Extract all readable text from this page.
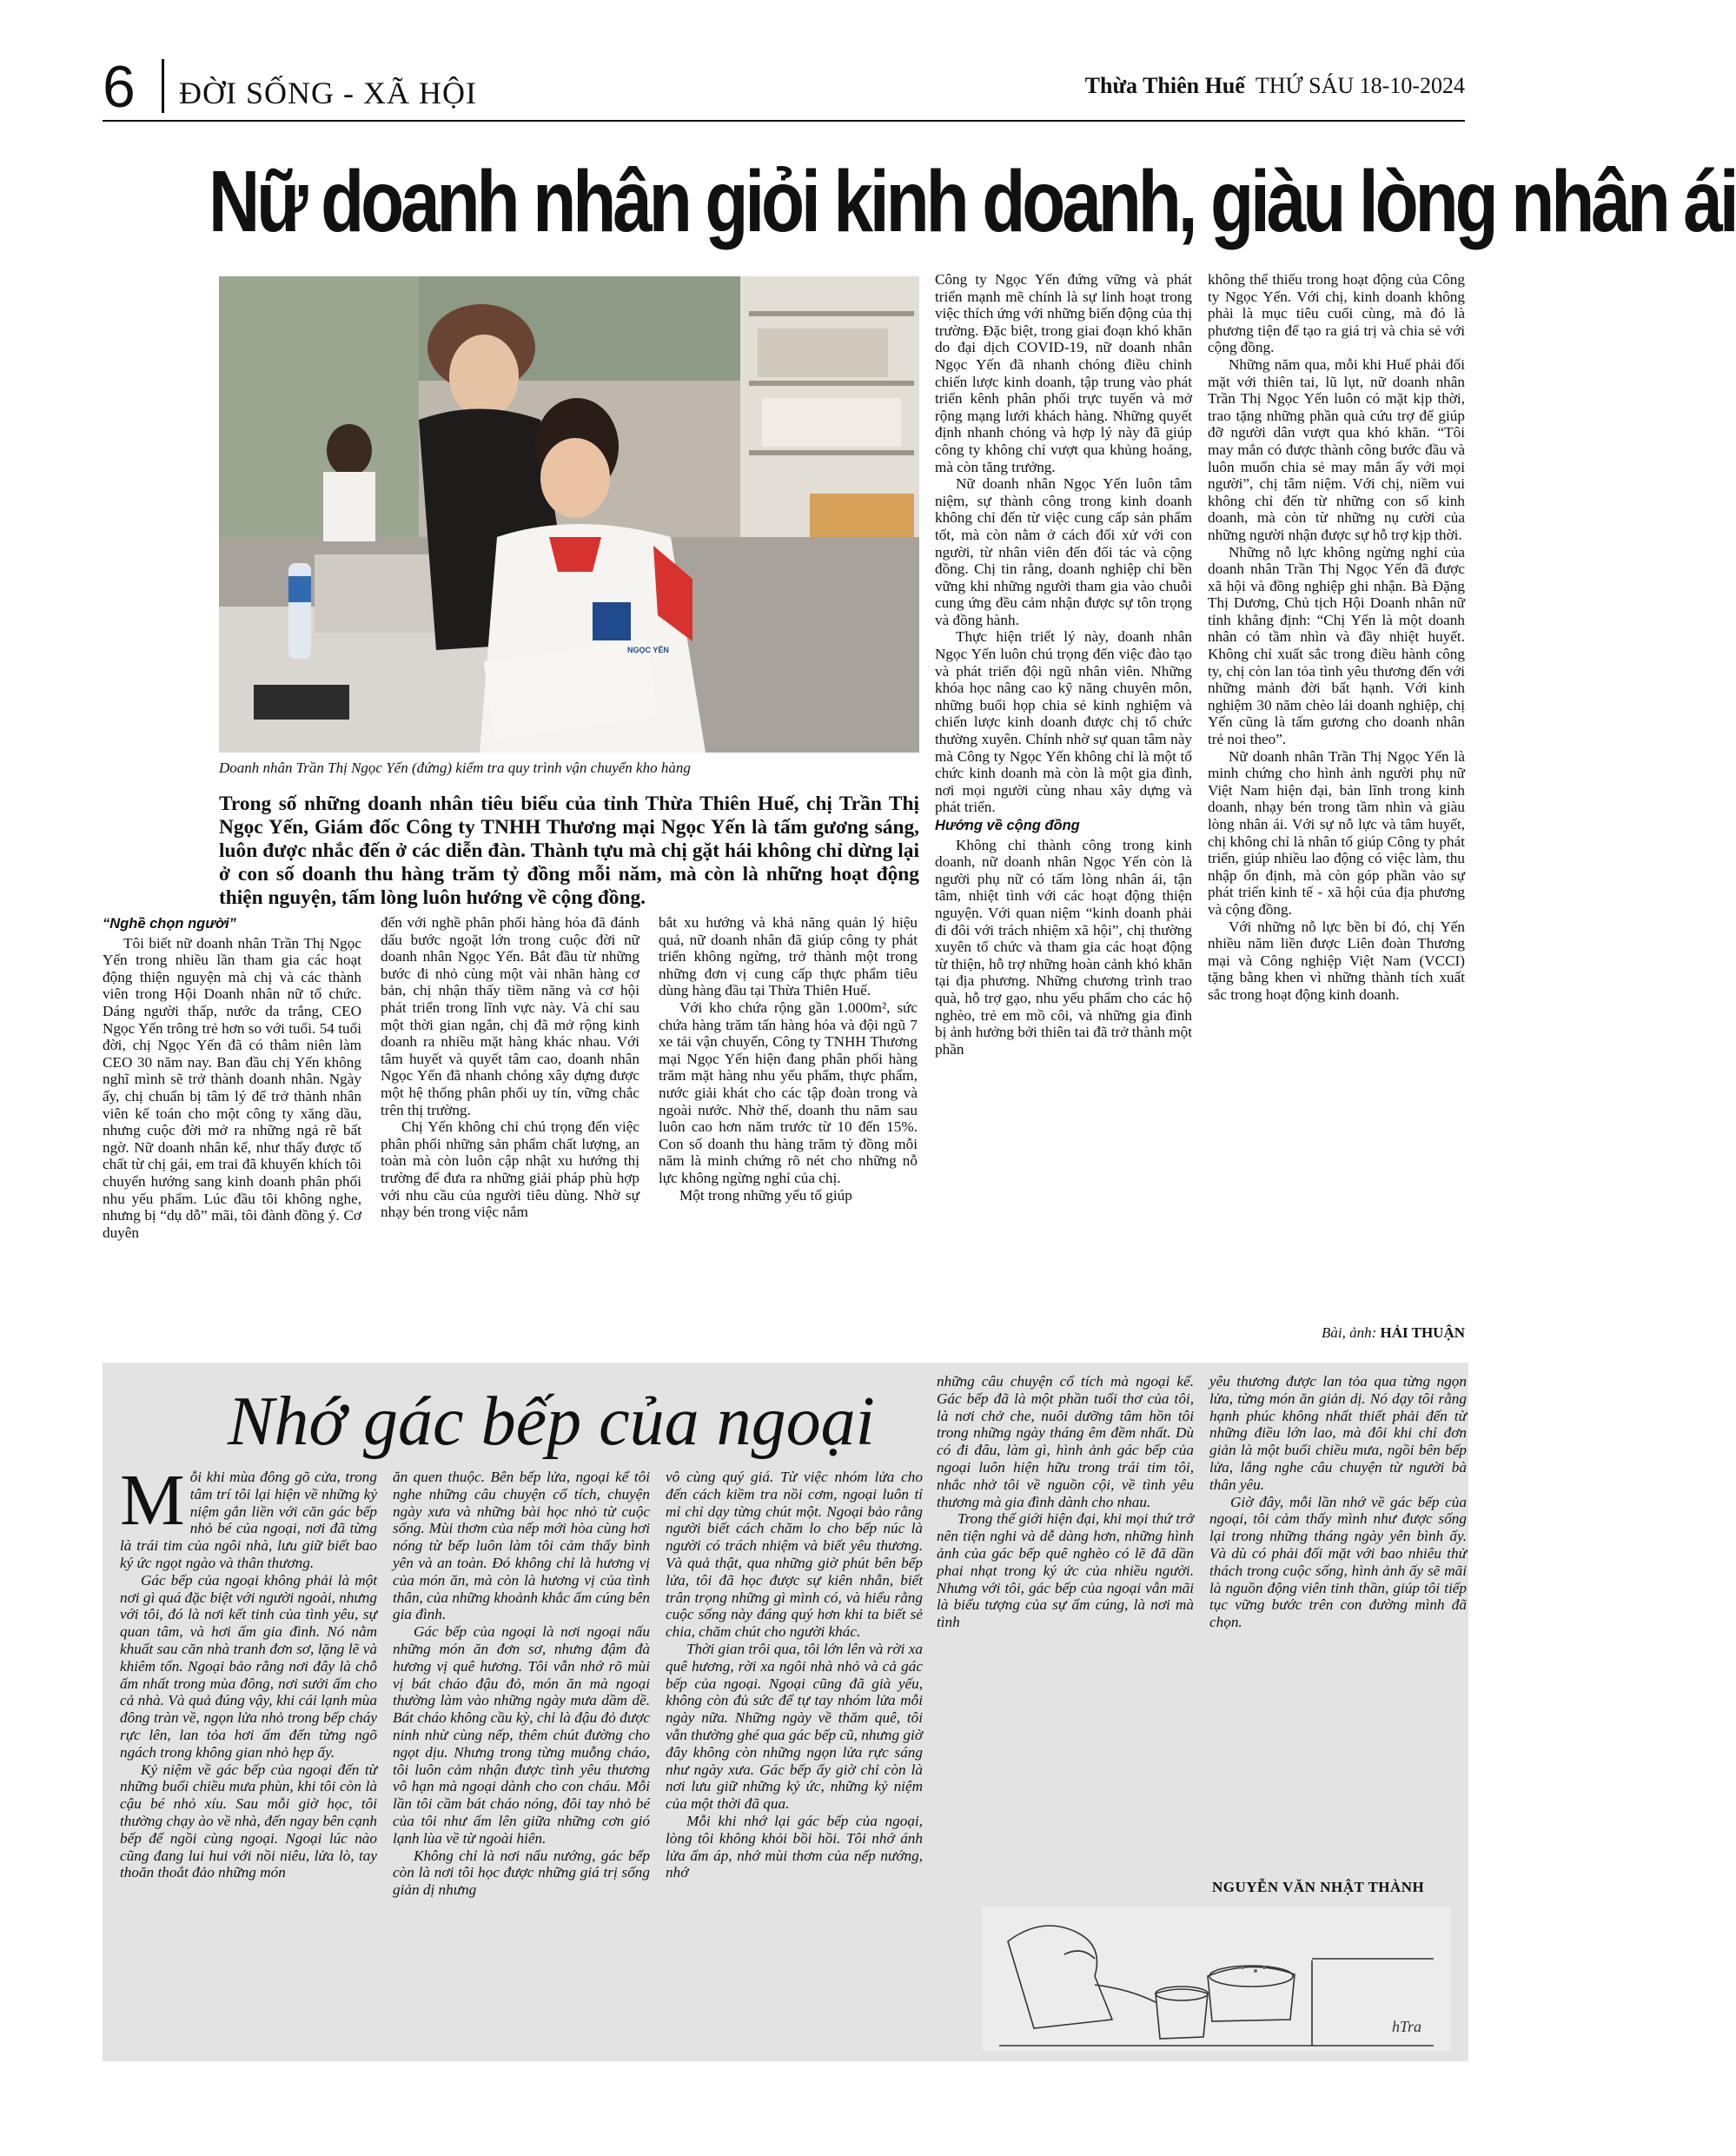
6 ĐỜI SỐNG - XÃ HỘI	Thừa Thiên Huế THỨ SÁU 18-10-2024
Nữ doanh nhân giỏi kinh doanh, giàu lòng nhân ái
NGỌC YẾN
Doanh nhân Trần Thị Ngọc Yến (đứng) kiểm tra quy trình vận chuyển kho hàng
Trong số những doanh nhân tiêu biểu của tỉnh Thừa Thiên Huế, chị Trần Thị Ngọc Yến, Giám đốc Công ty TNHH Thương mại Ngọc Yến là tấm gương sáng, luôn được nhắc đến ở các diễn đàn. Thành tựu mà chị gặt hái không chỉ dừng lại ở con số doanh thu hàng trăm tỷ đồng mỗi năm, mà còn là những hoạt động thiện nguyện, tấm lòng luôn hướng về cộng đồng.
“Nghề chọn người”

Tôi biết nữ doanh nhân Trần Thị Ngọc Yến trong nhiều lần tham gia các hoạt động thiện nguyện mà chị và các thành viên trong Hội Doanh nhân nữ tổ chức. Dáng người thấp, nước da trắng, CEO Ngọc Yến trông trẻ hơn so với tuổi. 54 tuổi đời, chị Ngọc Yến đã có thâm niên làm CEO 30 năm nay. Ban đầu chị Yến không nghĩ mình sẽ trở thành doanh nhân. Ngày ấy, chị chuẩn bị tâm lý để trở thành nhân viên kế toán cho một công ty xăng dầu, nhưng cuộc đời mở ra những ngả rẽ bất ngờ. Nữ doanh nhân kể, như thấy được tố chất từ chị gái, em trai đã khuyến khích tôi chuyển hướng sang kinh doanh phân phối nhu yếu phẩm. Lúc đầu tôi không nghe, nhưng bị “dụ dỗ” mãi, tôi đành đồng ý. Cơ duyên

đến với nghề phân phối hàng hóa đã đánh dấu bước ngoặt lớn trong cuộc đời nữ doanh nhân Ngọc Yến. Bắt đầu từ những bước đi nhỏ cùng một vài nhãn hàng cơ bản, chị nhận thấy tiềm năng và cơ hội phát triển trong lĩnh vực này. Và chỉ sau một thời gian ngắn, chị đã mở rộng kinh doanh ra nhiều mặt hàng khác nhau. Với tâm huyết và quyết tâm cao, doanh nhân Ngọc Yến đã nhanh chóng xây dựng được một hệ thống phân phối uy tín, vững chắc trên thị trường.

Chị Yến không chỉ chú trọng đến việc phân phối những sản phẩm chất lượng, an toàn mà còn luôn cập nhật xu hướng thị trường để đưa ra những giải pháp phù hợp với nhu cầu của người tiêu dùng. Nhờ sự nhạy bén trong việc nắm

bắt xu hướng và khả năng quản lý hiệu quả, nữ doanh nhân đã giúp công ty phát triển không ngừng, trở thành một trong những đơn vị cung cấp thực phẩm tiêu dùng hàng đầu tại Thừa Thiên Huế.

Với kho chứa rộng gần 1.000m², sức chứa hàng trăm tấn hàng hóa và đội ngũ 7 xe tải vận chuyển, Công ty TNHH Thương mại Ngọc Yến hiện đang phân phối hàng trăm mặt hàng nhu yếu phẩm, thực phẩm, nước giải khát cho các tập đoàn trong và ngoài nước. Nhờ thế, doanh thu năm sau luôn cao hơn năm trước từ 10 đến 15%. Con số doanh thu hàng trăm tỷ đồng mỗi năm là minh chứng rõ nét cho những nỗ lực không ngừng nghỉ của chị.

Một trong những yếu tố giúp

Công ty Ngọc Yến đứng vững và phát triển mạnh mẽ chính là sự linh hoạt trong việc thích ứng với những biến động của thị trường. Đặc biệt, trong giai đoạn khó khăn do đại dịch COVID-19, nữ doanh nhân Ngọc Yến đã nhanh chóng điều chỉnh chiến lược kinh doanh, tập trung vào phát triển kênh phân phối trực tuyến và mở rộng mạng lưới khách hàng. Những quyết định nhanh chóng và hợp lý này đã giúp công ty không chỉ vượt qua khủng hoảng, mà còn tăng trưởng.

Nữ doanh nhân Ngọc Yến luôn tâm niệm, sự thành công trong kinh doanh không chỉ đến từ việc cung cấp sản phẩm tốt, mà còn nằm ở cách đối xử với con người, từ nhân viên đến đối tác và cộng đồng. Chị tin rằng, doanh nghiệp chỉ bền vững khi những người tham gia vào chuỗi cung ứng đều cảm nhận được sự tôn trọng và đồng hành.

Thực hiện triết lý này, doanh nhân Ngọc Yến luôn chú trọng đến việc đào tạo và phát triển đội ngũ nhân viên. Những khóa học nâng cao kỹ năng chuyên môn, những buổi họp chia sẻ kinh nghiệm và chiến lược kinh doanh được chị tổ chức thường xuyên. Chính nhờ sự quan tâm này mà Công ty Ngọc Yến không chỉ là một tổ chức kinh doanh mà còn là một gia đình, nơi mọi người cùng nhau xây dựng và phát triển.

Hướng về cộng đồng

Không chỉ thành công trong kinh doanh, nữ doanh nhân Ngọc Yến còn là người phụ nữ có tấm lòng nhân ái, tận tâm, nhiệt tình với các hoạt động thiện nguyện. Với quan niệm “kinh doanh phải đi đôi với trách nhiệm xã hội”, chị thường xuyên tổ chức và tham gia các hoạt động từ thiện, hỗ trợ những hoàn cảnh khó khăn tại địa phương. Những chương trình trao quà, hỗ trợ gạo, nhu yếu phẩm cho các hộ nghèo, trẻ em mồ côi, và những gia đình bị ảnh hưởng bởi thiên tai đã trở thành một phần

không thể thiếu trong hoạt động của Công ty Ngọc Yến. Với chị, kinh doanh không phải là mục tiêu cuối cùng, mà đó là phương tiện để tạo ra giá trị và chia sẻ với cộng đồng.

Những năm qua, mỗi khi Huế phải đối mặt với thiên tai, lũ lụt, nữ doanh nhân Trần Thị Ngọc Yến luôn có mặt kịp thời, trao tặng những phần quà cứu trợ để giúp đỡ người dân vượt qua khó khăn. “Tôi may mắn có được thành công bước đầu và luôn muốn chia sẻ may mắn ấy với mọi người”, chị tâm niệm. Với chị, niềm vui không chỉ đến từ những con số kinh doanh, mà còn từ những nụ cười của những người nhận được sự hỗ trợ kịp thời.

Những nỗ lực không ngừng nghỉ của doanh nhân Trần Thị Ngọc Yến đã được xã hội và đồng nghiệp ghi nhận. Bà Đặng Thị Dương, Chủ tịch Hội Doanh nhân nữ tỉnh khẳng định: “Chị Yến là một doanh nhân có tầm nhìn và đầy nhiệt huyết. Không chỉ xuất sắc trong điều hành công ty, chị còn lan tỏa tình yêu thương đến với những mảnh đời bất hạnh. Với kinh nghiệm 30 năm chèo lái doanh nghiệp, chị Yến cũng là tấm gương cho doanh nhân trẻ noi theo”.

Nữ doanh nhân Trần Thị Ngọc Yến là minh chứng cho hình ảnh người phụ nữ Việt Nam hiện đại, bản lĩnh trong kinh doanh, nhạy bén trong tầm nhìn và giàu lòng nhân ái. Với sự nỗ lực và tâm huyết, chị không chỉ là nhân tố giúp Công ty phát triển, giúp nhiều lao động có việc làm, thu nhập ổn định, mà còn góp phần vào sự phát triển kinh tế - xã hội của địa phương và cộng đồng.

Với những nỗ lực bền bỉ đó, chị Yến nhiều năm liền được Liên đoàn Thương mại và Công nghiệp Việt Nam (VCCI) tặng bằng khen vì những thành tích xuất sắc trong hoạt động kinh doanh.

Bài, ảnh: HẢI THUẬN
Nhớ gác bếp của ngoại

Mỗi khi mùa đông gõ cửa, trong tâm trí tôi lại hiện về những kỷ niệm gắn liền với căn gác bếp nhỏ bé của ngoại, nơi đã từng là trái tim của ngôi nhà, lưu giữ biết bao ký ức ngọt ngào và thân thương.

Gác bếp của ngoại không phải là một nơi gì quá đặc biệt với người ngoài, nhưng với tôi, đó là nơi kết tinh của tình yêu, sự quan tâm, và hơi ấm gia đình. Nó nằm khuất sau căn nhà tranh đơn sơ, lặng lẽ và khiêm tốn. Ngoại bảo rằng nơi đây là chỗ ấm nhất trong mùa đông, nơi sưởi ấm cho cả nhà. Và quả đúng vậy, khi cái lạnh mùa đông tràn về, ngọn lửa nhỏ trong bếp cháy rực lên, lan tỏa hơi ấm đến từng ngõ ngách trong không gian nhỏ hẹp ấy.

Kỷ niệm về gác bếp của ngoại đến từ những buổi chiều mưa phùn, khi tôi còn là cậu bé nhỏ xíu. Sau mỗi giờ học, tôi thường chạy ào về nhà, đến ngay bên cạnh bếp để ngồi cùng ngoại. Ngoại lúc nào cũng đang lui hui với nồi niêu, lửa lò, tay thoăn thoắt đảo những món

ăn quen thuộc. Bên bếp lửa, ngoại kể tôi nghe những câu chuyện cổ tích, chuyện ngày xưa và những bài học nhỏ từ cuộc sống. Mùi thơm của nếp mới hòa cùng hơi nóng từ bếp luôn làm tôi cảm thấy bình yên và an toàn. Đó không chỉ là hương vị của món ăn, mà còn là hương vị của tình thân, của những khoảnh khắc ấm cúng bên gia đình.

Gác bếp của ngoại là nơi ngoại nấu những món ăn đơn sơ, nhưng đậm đà hương vị quê hương. Tôi vẫn nhớ rõ mùi vị bát cháo đậu đỏ, món ăn mà ngoại thường làm vào những ngày mưa dầm dề. Bát cháo không cầu kỳ, chỉ là đậu đỏ được ninh nhừ cùng nếp, thêm chút đường cho ngọt dịu. Nhưng trong từng muỗng cháo, tôi luôn cảm nhận được tình yêu thương vô hạn mà ngoại dành cho con cháu. Mỗi lần tôi cầm bát cháo nóng, đôi tay nhỏ bé của tôi như ấm lên giữa những cơn gió lạnh lùa về từ ngoài hiên.

Không chỉ là nơi nấu nướng, gác bếp còn là nơi tôi học được những giá trị sống giản dị nhưng

vô cùng quý giá. Từ việc nhóm lửa cho đến cách kiềm tra nồi cơm, ngoại luôn tỉ mỉ chỉ dạy từng chút một. Ngoại bảo rằng người biết cách chăm lo cho bếp núc là người có trách nhiệm và biết yêu thương. Và quả thật, qua những giờ phút bên bếp lửa, tôi đã học được sự kiên nhẫn, biết trân trọng những gì mình có, và hiểu rằng cuộc sống này đáng quý hơn khi ta biết sẻ chia, chăm chút cho người khác.

Thời gian trôi qua, tôi lớn lên và rời xa quê hương, rời xa ngôi nhà nhỏ và cả gác bếp của ngoại. Ngoại cũng đã già yếu, không còn đủ sức để tự tay nhóm lửa mỗi ngày nữa. Những ngày về thăm quê, tôi vẫn thường ghé qua gác bếp cũ, nhưng giờ đây không còn những ngọn lửa rực sáng như ngày xưa. Gác bếp ấy giờ chỉ còn là nơi lưu giữ những kỷ ức, những kỷ niệm của một thời đã qua.

Mỗi khi nhớ lại gác bếp của ngoại, lòng tôi không khỏi bồi hồi. Tôi nhớ ánh lửa ấm áp, nhớ mùi thơm của nếp nướng, nhớ

những câu chuyện cổ tích mà ngoại kể. Gác bếp đã là một phần tuổi thơ của tôi, là nơi chở che, nuôi dưỡng tâm hồn tôi trong những ngày tháng êm đềm nhất. Dù có đi đâu, làm gì, hình ảnh gác bếp của ngoại luôn hiện hữu trong trái tim tôi, nhắc nhở tôi về nguồn cội, về tình yêu thương mà gia đình dành cho nhau.

Trong thế giới hiện đại, khi mọi thứ trở nên tiện nghi và dễ dàng hơn, những hình ảnh của gác bếp quê nghèo có lẽ đã dần phai nhạt trong ký ức của nhiều người. Nhưng với tôi, gác bếp của ngoại vẫn mãi là biểu tượng của sự ấm cúng, là nơi mà tình

yêu thương được lan tỏa qua từng ngọn lửa, từng món ăn giản dị. Nó dạy tôi rằng hạnh phúc không nhất thiết phải đến từ những điều lớn lao, mà đôi khi chỉ đơn giản là một buổi chiều mưa, ngồi bên bếp lửa, lắng nghe câu chuyện từ người bà thân yêu.

Giờ đây, mỗi lần nhớ về gác bếp của ngoại, tôi cảm thấy mình như được sống lại trong những tháng ngày yên bình ấy. Và dù có phải đối mặt với bao nhiêu thử thách trong cuộc sống, hình ảnh ấy sẽ mãi là nguồn động viên tinh thần, giúp tôi tiếp tục vững bước trên con đường mình đã chọn.

NGUYỄN VĂN NHẬT THÀNH
hTra
